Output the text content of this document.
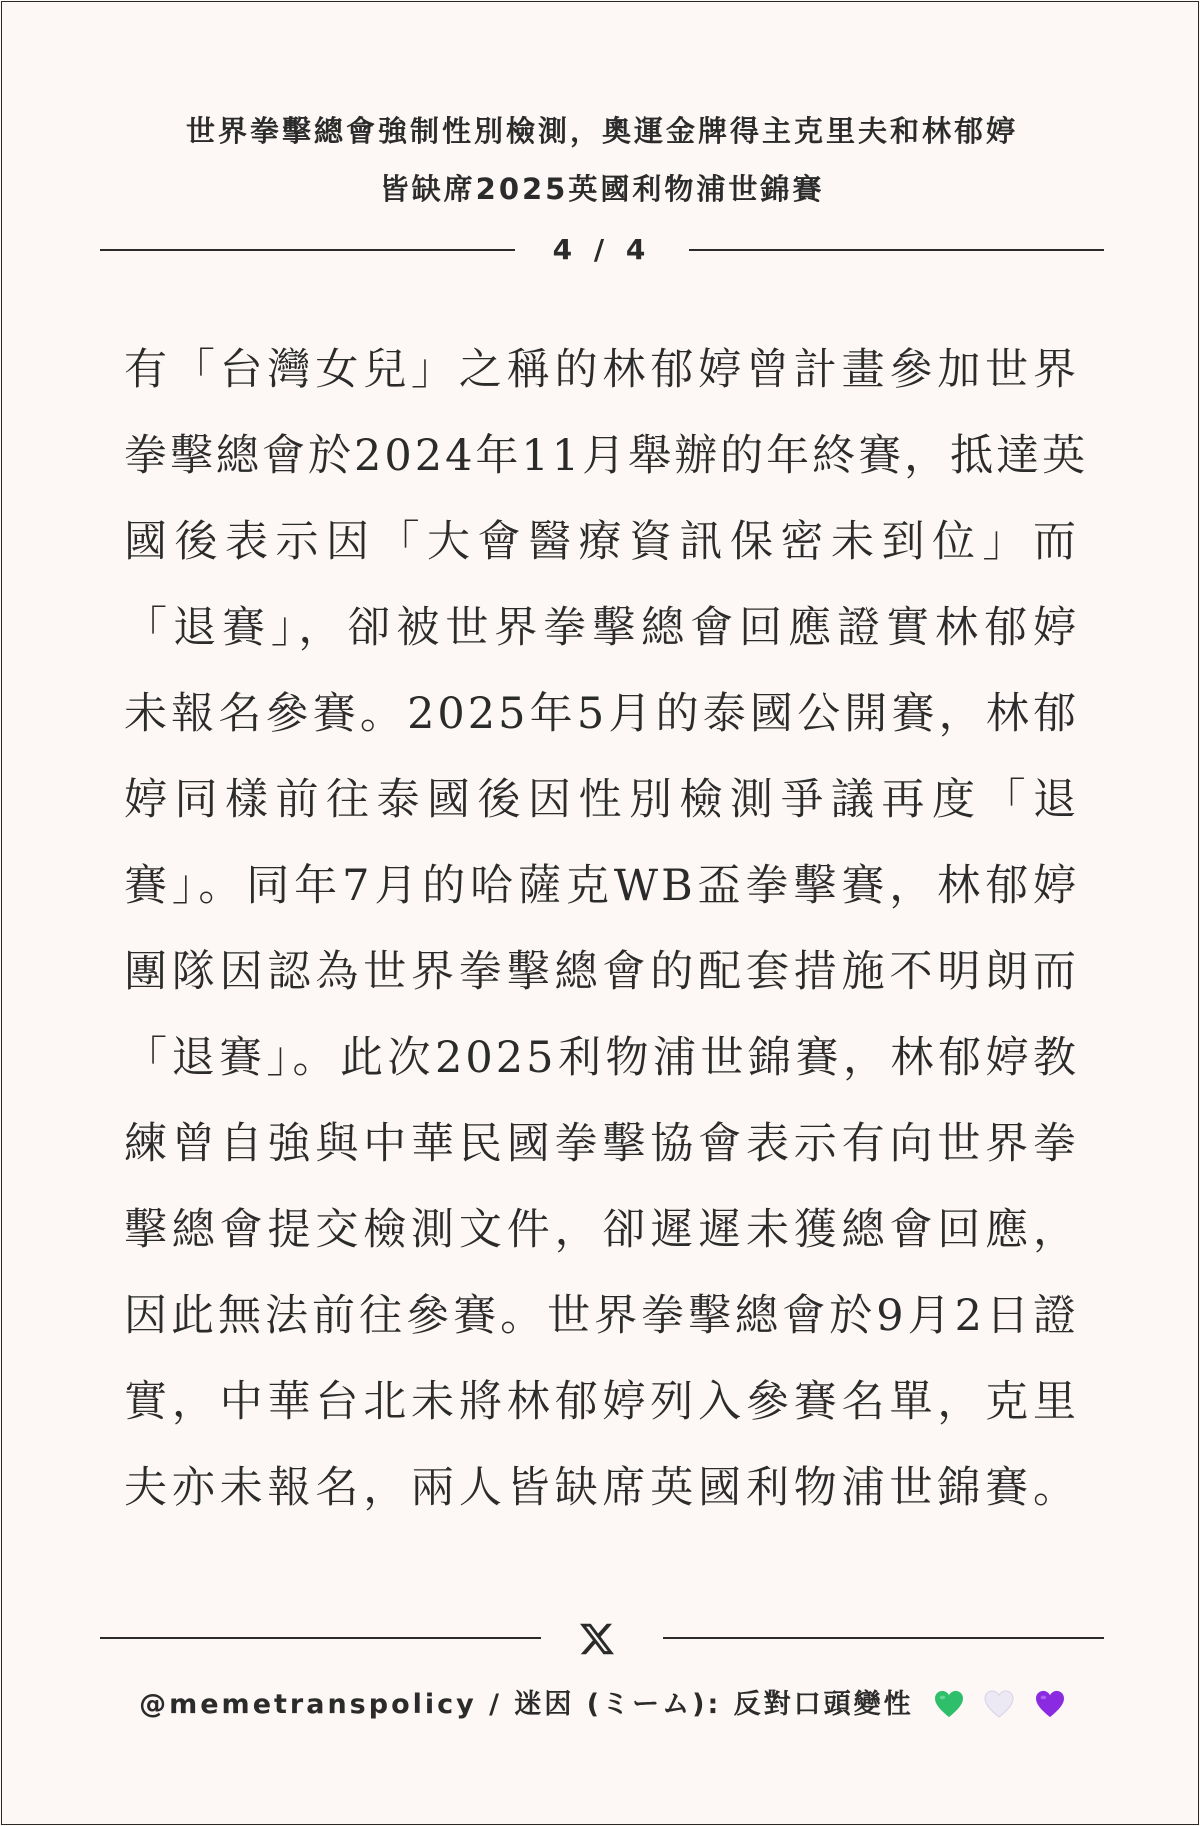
世界拳擊總會強制性別檢測，奧運金牌得主克里夫和林郁婷
皆缺席2025英國利物浦世錦賽
4 / 4
有「台灣女兒」之稱的林郁婷曾計畫參加世界
拳擊總會於2024年11月舉辦的年終賽，抵達英
國後表示因「大會醫療資訊保密未到位」而
「退賽」，卻被世界拳擊總會回應證實林郁婷
未報名參賽。2025年5月的泰國公開賽，林郁
婷同樣前往泰國後因性別檢測爭議再度「退
賽」。同年7月的哈薩克WB盃拳擊賽，林郁婷
團隊因認為世界拳擊總會的配套措施不明朗而
「退賽」。此次2025利物浦世錦賽，林郁婷教
練曾自強與中華民國拳擊協會表示有向世界拳
擊總會提交檢測文件，卻遲遲未獲總會回應，
因此無法前往參賽。世界拳擊總會於9月2日證
實，中華台北未將林郁婷列入參賽名單，克里
夫亦未報名，兩人皆缺席英國利物浦世錦賽。
@memetranspolicy / 迷因 (ミーム): 反對口頭變性
